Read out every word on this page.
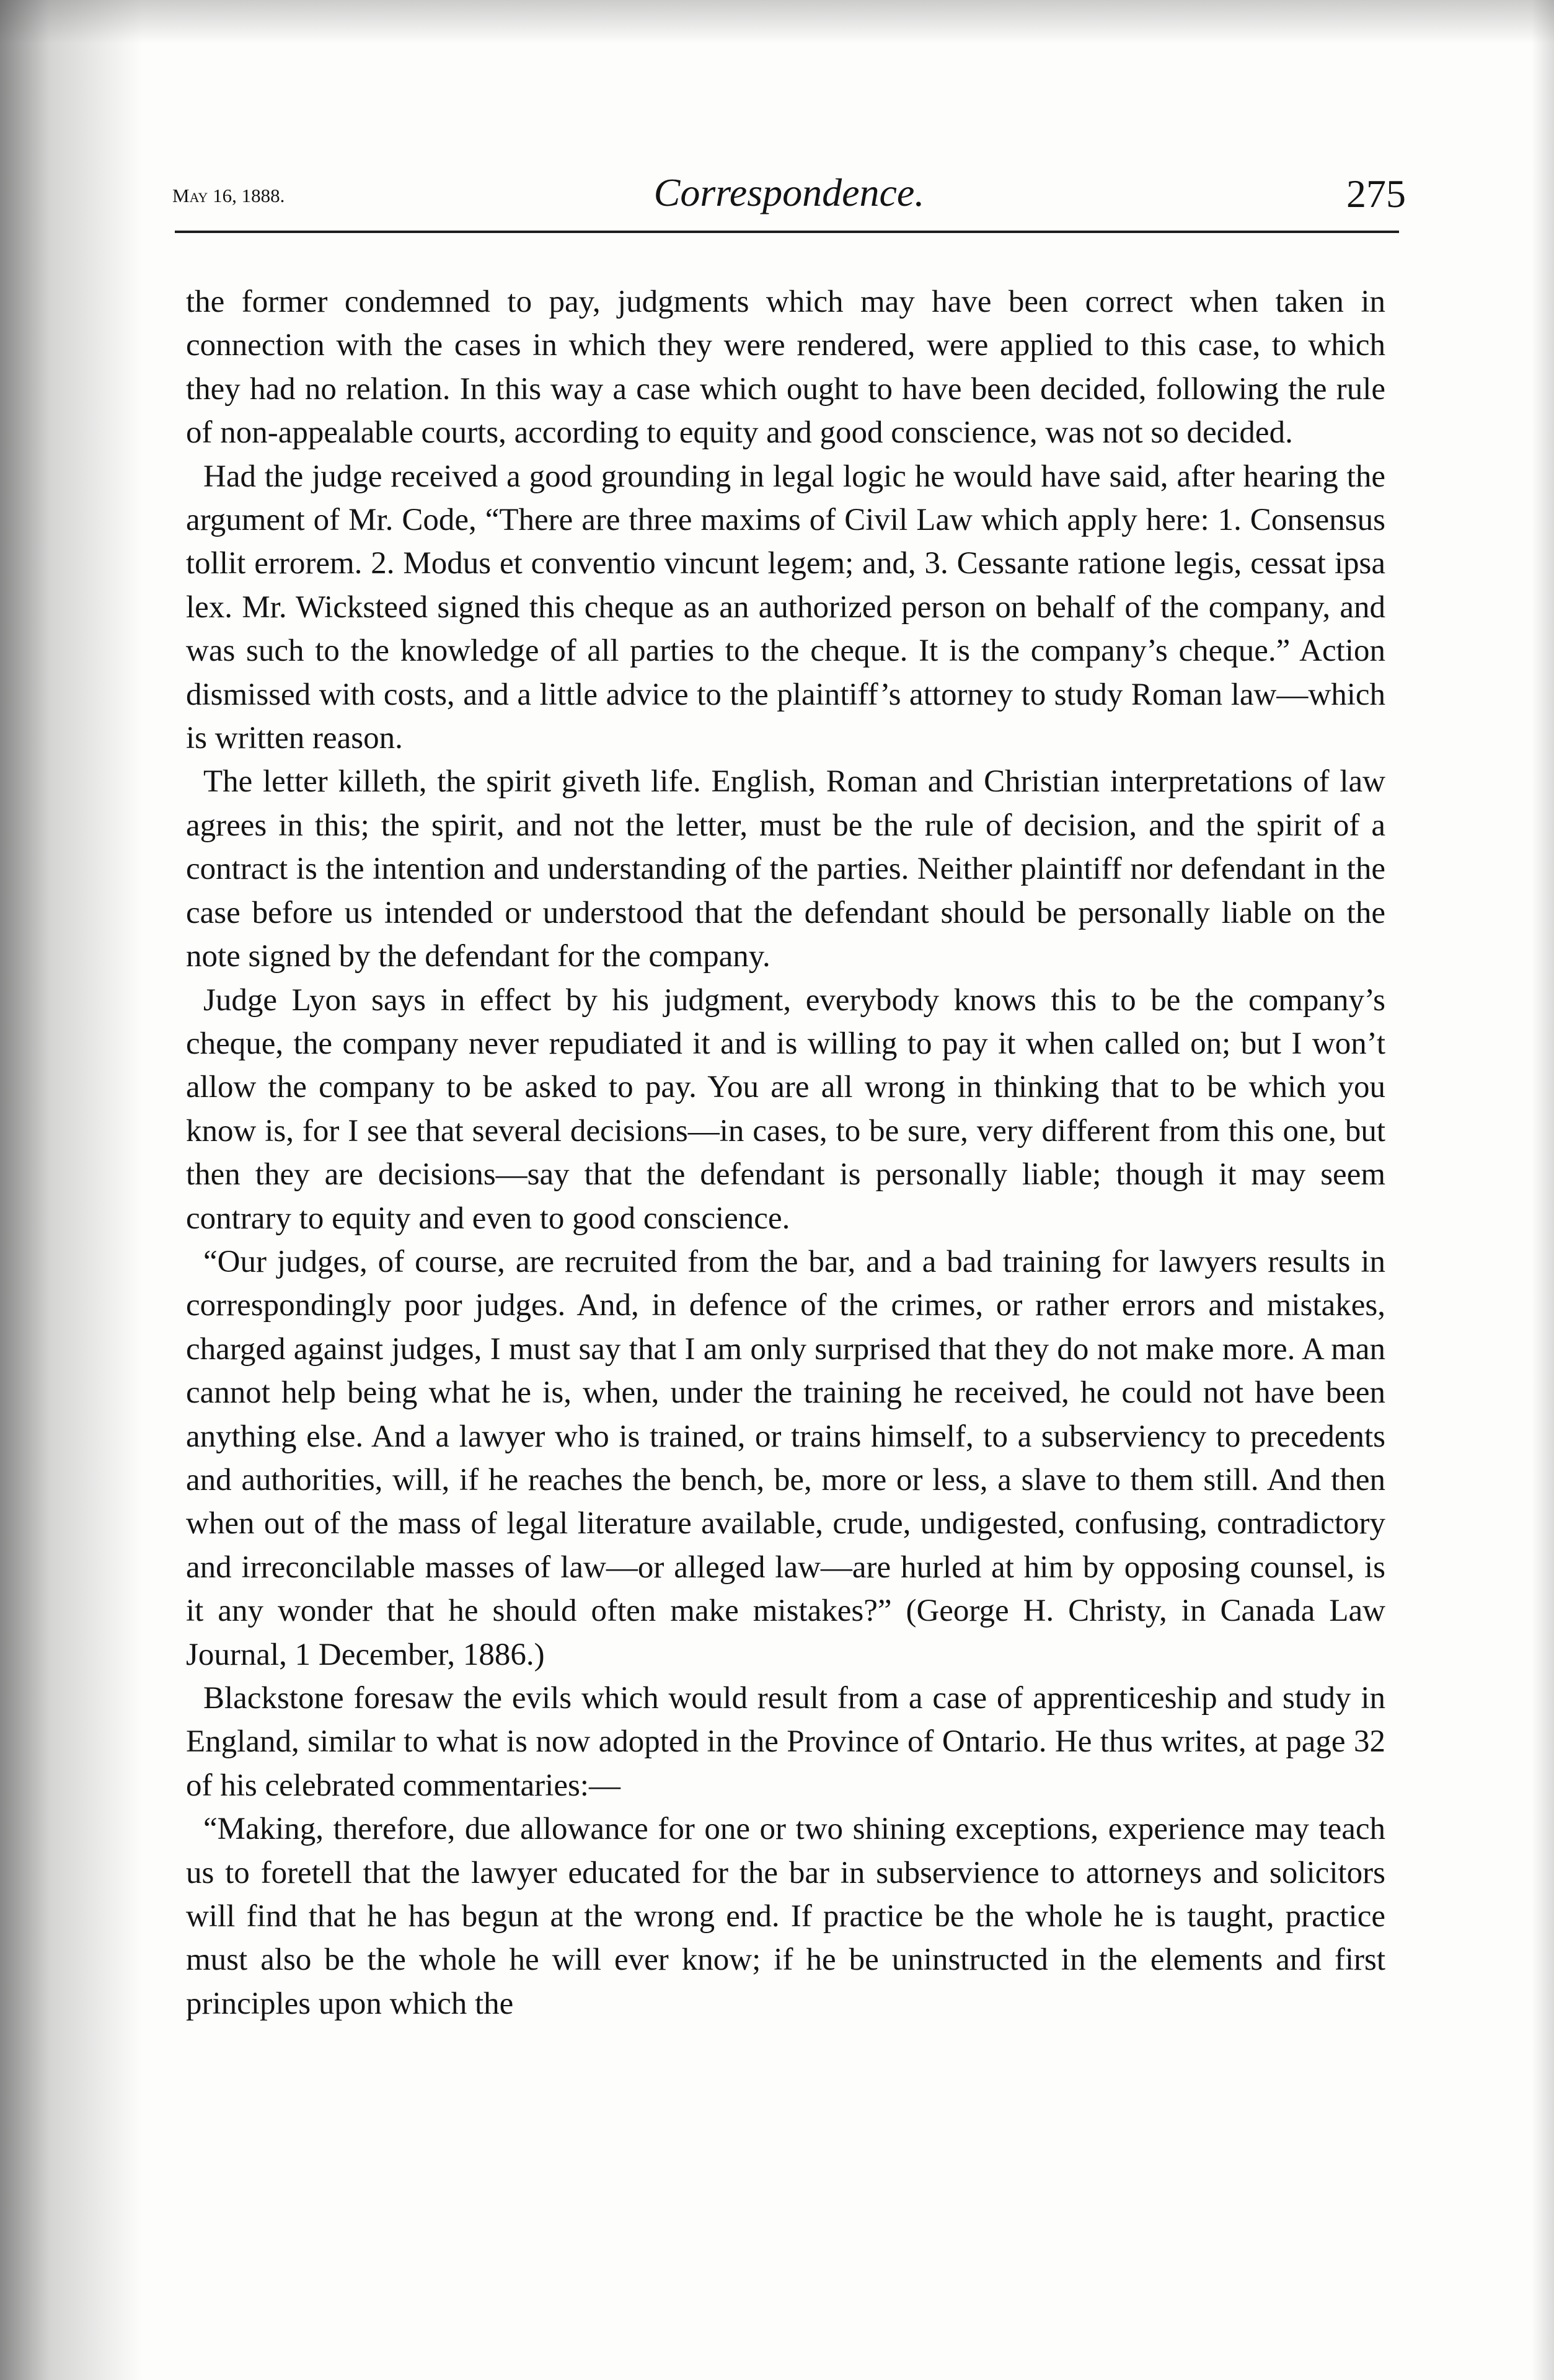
May 16, 1888.	Correspondence.	275

the former condemned to pay, judgments which may have been correct when taken in connection with the cases in which they were rendered, were applied to this case, to which they had no relation. In this way a case which ought to have been decided, following the rule of non-appealable courts, according to equity and good conscience, was not so decided.

Had the judge received a good grounding in legal logic he would have said, after hearing the argument of Mr. Code, “There are three maxims of Civil Law which apply here: 1. Consensus tollit errorem. 2. Modus et conventio vincunt legem; and, 3. Cessante ratione legis, cessat ipsa lex. Mr. Wicksteed signed this cheque as an authorized person on behalf of the company, and was such to the knowledge of all parties to the cheque. It is the company’s cheque.” Action dismissed with costs, and a little advice to the plaintiff’s attorney to study Roman law—which is written reason.

The letter killeth, the spirit giveth life. English, Roman and Christian interpretations of law agrees in this; the spirit, and not the letter, must be the rule of decision, and the spirit of a contract is the intention and understanding of the parties. Neither plaintiff nor defendant in the case before us intended or understood that the defendant should be personally liable on the note signed by the defendant for the company.

Judge Lyon says in effect by his judgment, everybody knows this to be the company’s cheque, the company never repudiated it and is willing to pay it when called on; but I won’t allow the company to be asked to pay. You are all wrong in thinking that to be which you know is, for I see that several decisions—in cases, to be sure, very different from this one, but then they are decisions—say that the defendant is personally liable; though it may seem contrary to equity and even to good conscience.

“Our judges, of course, are recruited from the bar, and a bad training for lawyers results in correspondingly poor judges. And, in defence of the crimes, or rather errors and mistakes, charged against judges, I must say that I am only surprised that they do not make more. A man cannot help being what he is, when, under the training he received, he could not have been anything else. And a lawyer who is trained, or trains himself, to a subserviency to precedents and authorities, will, if he reaches the bench, be, more or less, a slave to them still. And then when out of the mass of legal literature available, crude, undigested, confusing, contradictory and irreconcilable masses of law—or alleged law—are hurled at him by opposing counsel, is it any wonder that he should often make mistakes?” (George H. Christy, in Canada Law Journal, 1 December, 1886.)

Blackstone foresaw the evils which would result from a case of apprenticeship and study in England, similar to what is now adopted in the Province of Ontario. He thus writes, at page 32 of his celebrated commentaries:—

“Making, therefore, due allowance for one or two shining exceptions, experience may teach us to foretell that the lawyer educated for the bar in subservience to attorneys and solicitors will find that he has begun at the wrong end. If practice be the whole he is taught, practice must also be the whole he will ever know; if he be uninstructed in the elements and first principles upon which the
